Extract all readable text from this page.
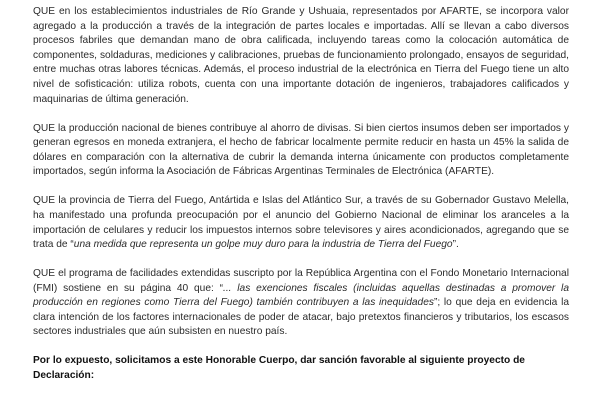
QUE en los establecimientos industriales de Río Grande y Ushuaia, representados por AFARTE, se incorpora valor agregado a la producción a través de la integración de partes locales e importadas. Allí se llevan a cabo diversos procesos fabriles que demandan mano de obra calificada, incluyendo tareas como la colocación automática de componentes, soldaduras, mediciones y calibraciones, pruebas de funcionamiento prolongado, ensayos de seguridad, entre muchas otras labores técnicas. Además, el proceso industrial de la electrónica en Tierra del Fuego tiene un alto nivel de sofisticación: utiliza robots, cuenta con una importante dotación de ingenieros, trabajadores calificados y maquinarias de última generación.

QUE la producción nacional de bienes contribuye al ahorro de divisas. Si bien ciertos insumos deben ser importados y generan egresos en moneda extranjera, el hecho de fabricar localmente permite reducir en hasta un 45% la salida de dólares en comparación con la alternativa de cubrir la demanda interna únicamente con productos completamente importados, según informa la Asociación de Fábricas Argentinas Terminales de Electrónica (AFARTE).

QUE la provincia de Tierra del Fuego, Antártida e Islas del Atlántico Sur, a través de su Gobernador Gustavo Melella, ha manifestado una profunda preocupación por el anuncio del Gobierno Nacional de eliminar los aranceles a la importación de celulares y reducir los impuestos internos sobre televisores y aires acondicionados, agregando que se trata de “una medida que representa un golpe muy duro para la industria de Tierra del Fuego”.

QUE el programa de facilidades extendidas suscripto por la República Argentina con el Fondo Monetario Internacional (FMI) sostiene en su página 40 que: “... las exenciones fiscales (incluidas aquellas destinadas a promover la producción en regiones como Tierra del Fuego) también contribuyen a las inequidades”; lo que deja en evidencia la clara intención de los factores internacionales de poder de atacar, bajo pretextos financieros y tributarios, los escasos sectores industriales que aún subsisten en nuestro país.

Por lo expuesto, solicitamos a este Honorable Cuerpo, dar sanción favorable al siguiente proyecto de Declaración:
